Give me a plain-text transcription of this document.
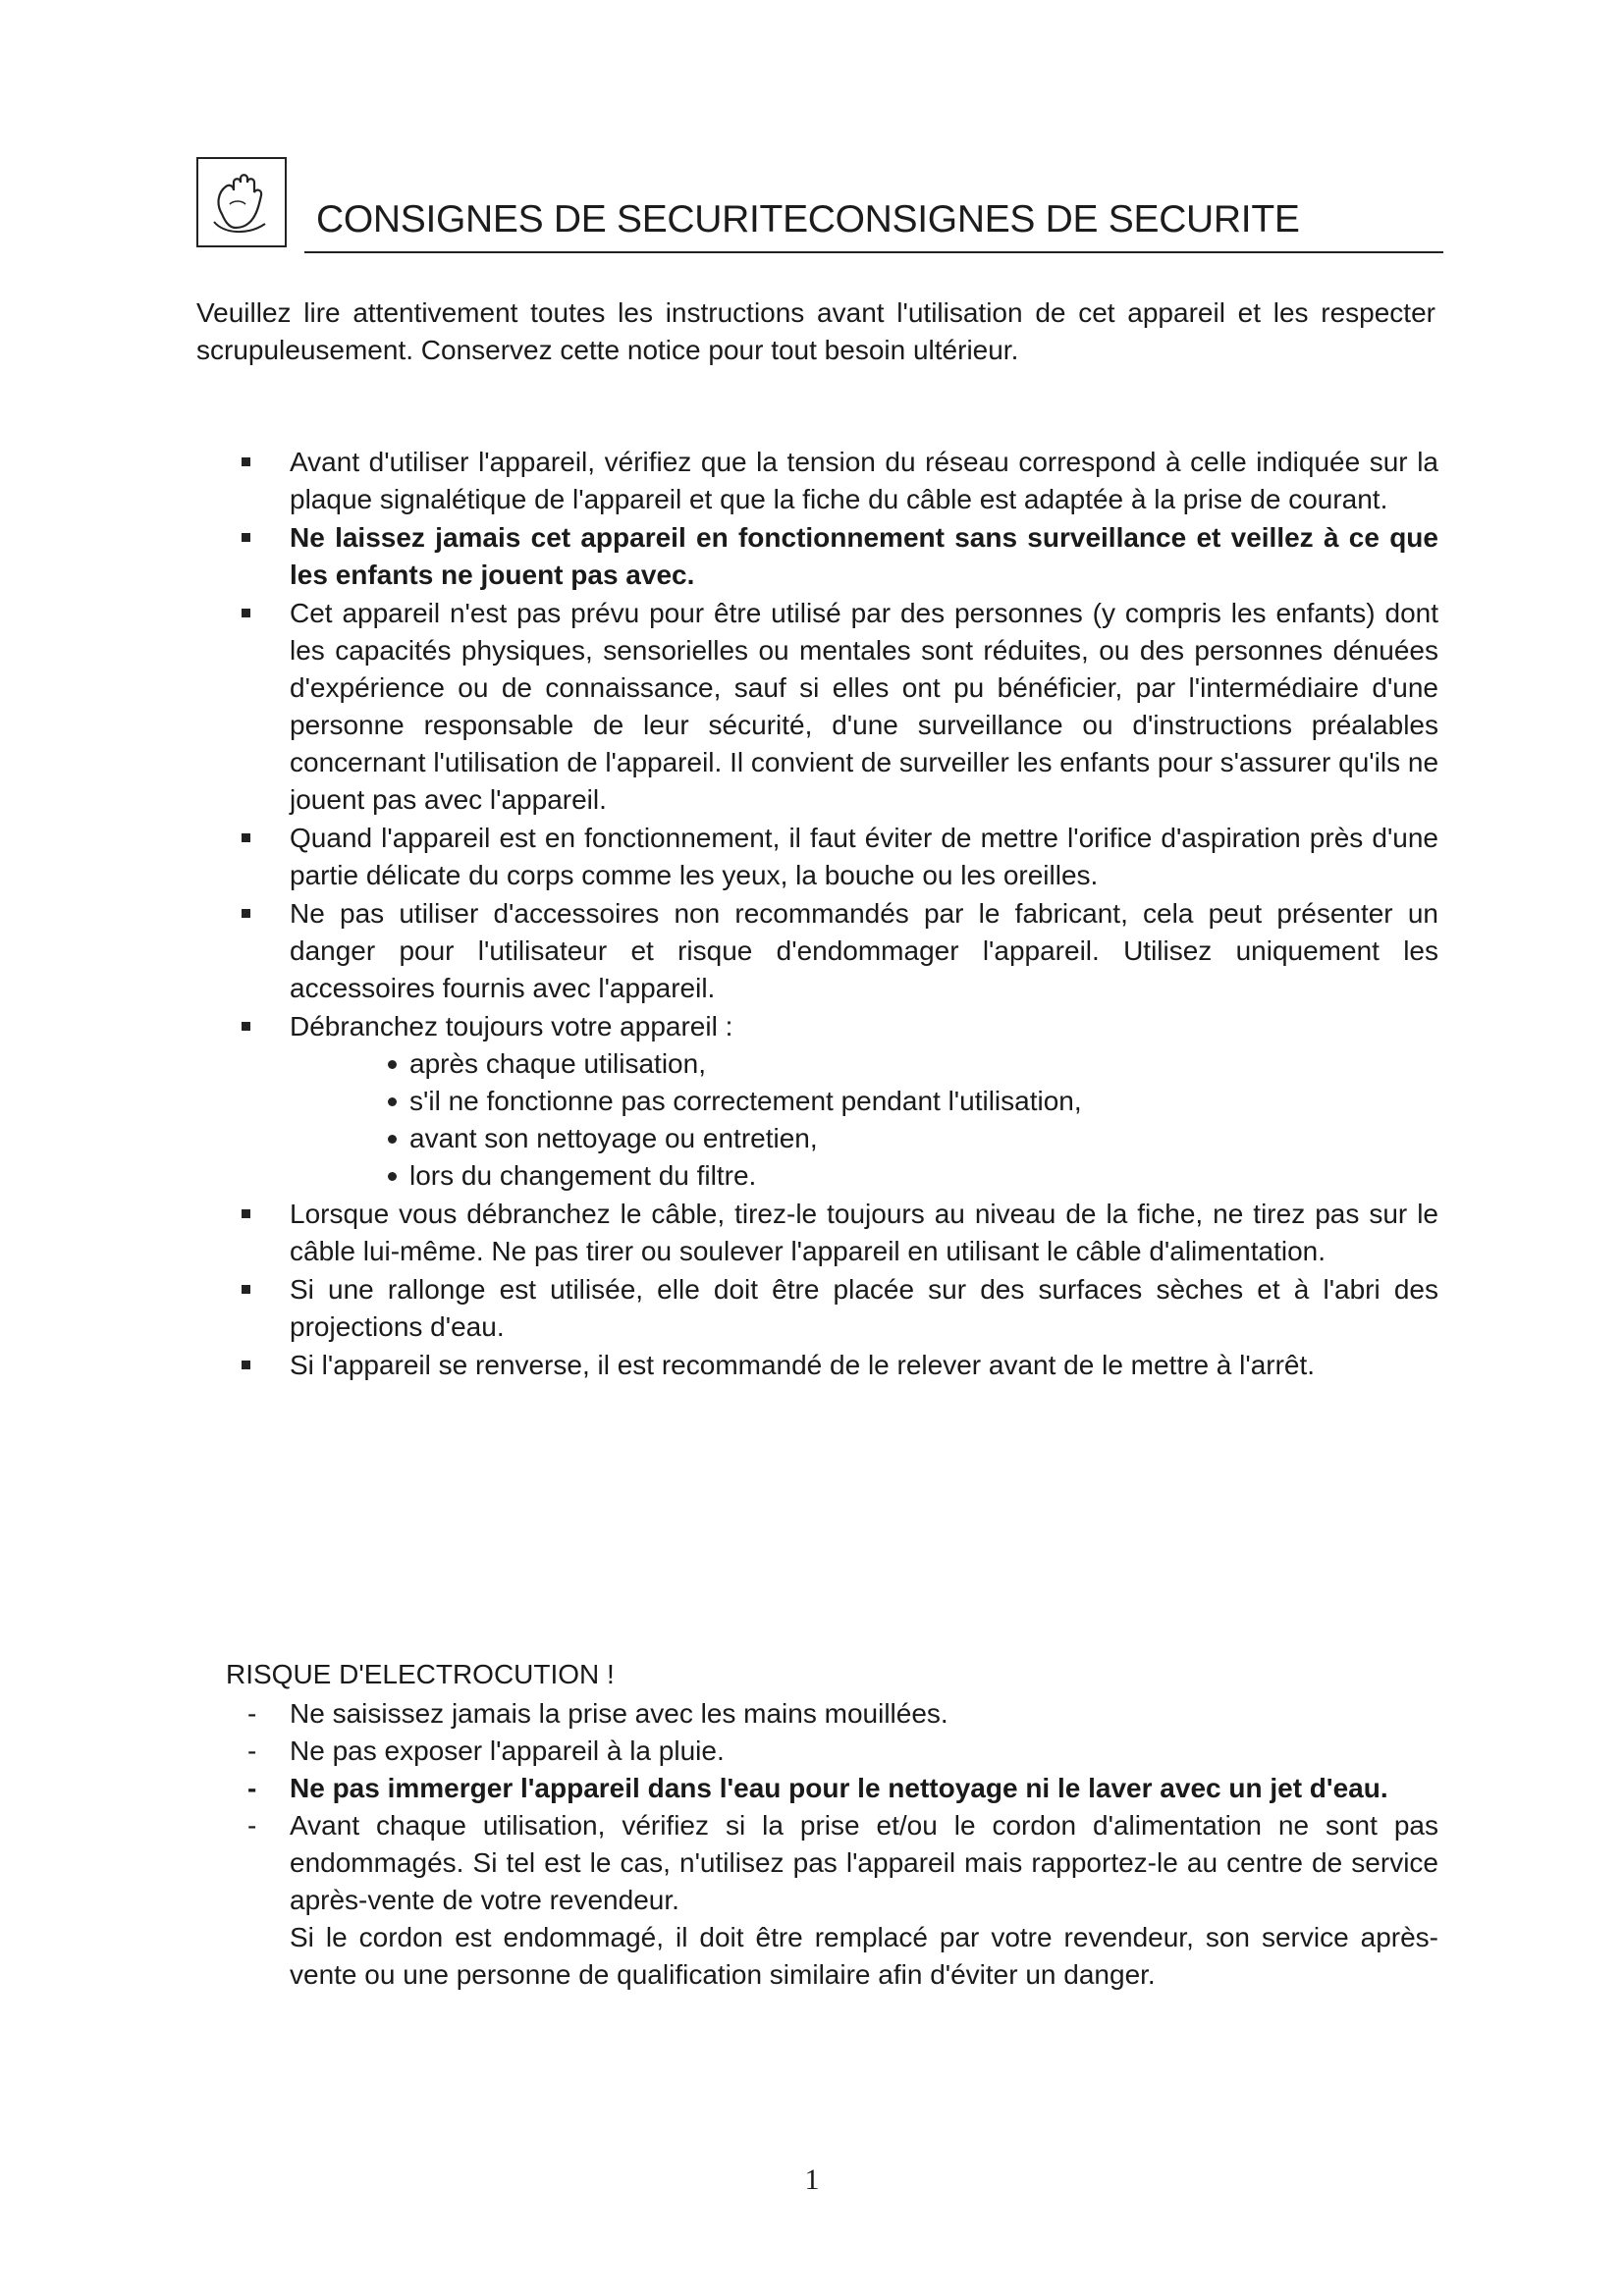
CONSIGNES DE SECURITECONSIGNES DE SECURITE
Veuillez lire attentivement toutes les instructions avant l'utilisation de cet appareil et les respecter scrupuleusement. Conservez cette notice pour tout besoin ultérieur.
Avant d'utiliser l'appareil, vérifiez que la tension du réseau correspond à celle indiquée sur la plaque signalétique de l'appareil et que la fiche du câble est adaptée à la prise de courant.
Ne laissez jamais cet appareil en fonctionnement sans surveillance et veillez à ce que les enfants ne jouent pas avec.
Cet appareil n'est pas prévu pour être utilisé par des personnes (y compris les enfants) dont les capacités physiques, sensorielles ou mentales sont réduites, ou des personnes dénuées d'expérience ou de connaissance, sauf si elles ont pu bénéficier, par l'intermédiaire d'une personne responsable de leur sécurité, d'une surveillance ou d'instructions préalables concernant l'utilisation de l'appareil. Il convient de surveiller les enfants pour s'assurer qu'ils ne jouent pas avec l'appareil.
Quand l'appareil est en fonctionnement, il faut éviter de mettre l'orifice d'aspiration près d'une partie délicate du corps comme les yeux, la bouche ou les oreilles.
Ne pas utiliser d'accessoires non recommandés par le fabricant, cela peut présenter un danger pour l'utilisateur et risque d'endommager l'appareil. Utilisez uniquement les accessoires fournis avec l'appareil.
Débranchez toujours votre appareil :
après chaque utilisation,
s'il ne fonctionne pas correctement pendant l'utilisation,
avant son nettoyage ou entretien,
lors du changement du filtre.
Lorsque vous débranchez le câble, tirez-le toujours au niveau de la fiche, ne tirez pas sur le câble lui-même. Ne pas tirer ou soulever l'appareil en utilisant le câble d'alimentation.
Si une rallonge est utilisée, elle doit être placée sur des surfaces sèches et à l'abri des projections d'eau.
Si l'appareil se renverse, il est recommandé de le relever avant de le mettre à l'arrêt.
RISQUE D'ELECTROCUTION !
- Ne saisissez jamais la prise avec les mains mouillées.
- Ne pas exposer l'appareil à la pluie.
- Ne pas immerger l'appareil dans l'eau pour le nettoyage ni le laver avec un jet d'eau.
- Avant chaque utilisation, vérifiez si la prise et/ou le cordon d'alimentation ne sont pas endommagés. Si tel est le cas, n'utilisez pas l'appareil mais rapportez-le au centre de service après-vente de votre revendeur.
Si le cordon est endommagé, il doit être remplacé par votre revendeur, son service après-vente ou une personne de qualification similaire afin d'éviter un danger.
1
